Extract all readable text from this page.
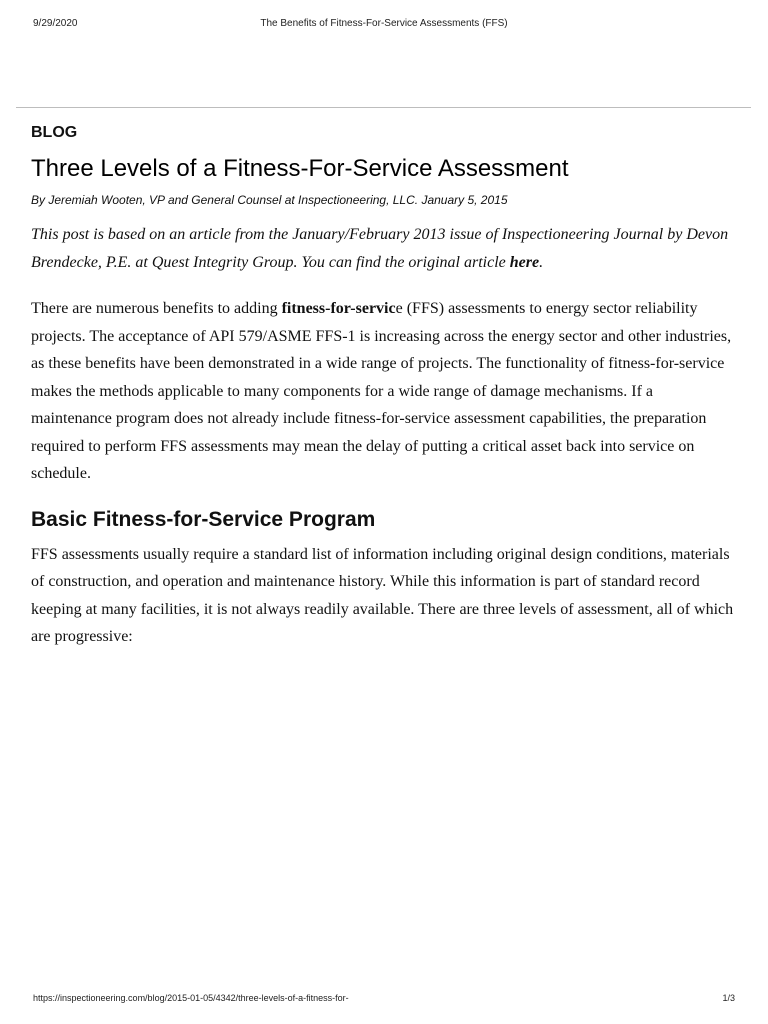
9/29/2020	The Benefits of Fitness-For-Service Assessments (FFS)
BLOG
Three Levels of a Fitness-For-Service Assessment

By Jeremiah Wooten, VP and General Counsel at Inspectioneering, LLC. January 5, 2015

This post is based on an article from the January/February 2013 issue of Inspectioneering Journal by Devon Brendecke, P.E. at Quest Integrity Group. You can find the original article here.

There are numerous benefits to adding fitness-for-service (FFS) assessments to energy sector reliability projects. The acceptance of API 579/ASME FFS-1 is increasing across the energy sector and other industries, as these benefits have been demonstrated in a wide range of projects. The functionality of fitness-for-service makes the methods applicable to many components for a wide range of damage mechanisms. If a maintenance program does not already include fitness-for-service assessment capabilities, the preparation required to perform FFS assessments may mean the delay of putting a critical asset back into service on schedule.

Basic Fitness-for-Service Program

FFS assessments usually require a standard list of information including original design conditions, materials of construction, and operation and maintenance history. While this information is part of standard record keeping at many facilities, it is not always readily available. There are three levels of assessment, all of which are progressive:

https://inspectioneering.com/blog/2015-01-05/4342/three-levels-of-a-fitness-for-	1/3
